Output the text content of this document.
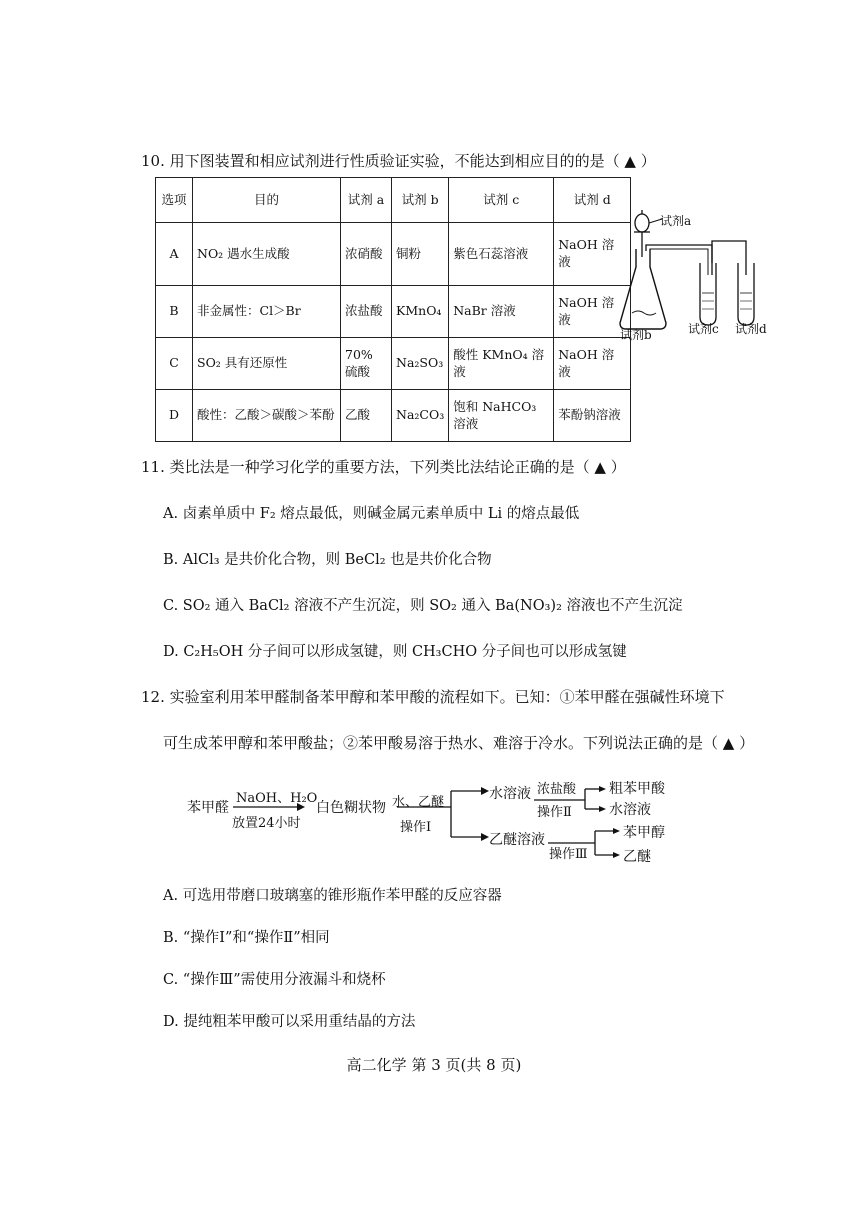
10. 用下图装置和相应试剂进行性质验证实验，不能达到相应目的的是（ ▲ ）
选项	目的	试剂 a	试剂 b	试剂 c	试剂 d
A	NO₂ 遇水生成酸	浓硝酸	铜粉	紫色石蕊溶液	NaOH 溶液
B	非金属性：Cl＞Br	浓盐酸	KMnO₄	NaBr 溶液	NaOH 溶液
C	SO₂ 具有还原性	70% 硫酸	Na₂SO₃	酸性 KMnO₄ 溶液	NaOH 溶液
D	酸性：乙酸＞碳酸＞苯酚	乙酸	Na₂CO₃	饱和 NaHCO₃ 溶液	苯酚钠溶液
试剂a
试剂b	试剂c 试剂d
11. 类比法是一种学习化学的重要方法，下列类比法结论正确的是（ ▲ ）
A. 卤素单质中 F₂ 熔点最低，则碱金属元素单质中 Li 的熔点最低
B. AlCl₃ 是共价化合物，则 BeCl₂ 也是共价化合物
C. SO₂ 通入 BaCl₂ 溶液不产生沉淀，则 SO₂ 通入 Ba(NO₃)₂ 溶液也不产生沉淀
D. C₂H₅OH 分子间可以形成氢键，则 CH₃CHO 分子间也可以形成氢键
12. 实验室利用苯甲醛制备苯甲醇和苯甲酸的流程如下。已知：①苯甲醛在强碱性环境下
可生成苯甲醇和苯甲酸盐；②苯甲酸易溶于热水、难溶于冷水。下列说法正确的是（ ▲ ）
苯甲醛
NaOH、H₂O
放置24小时
白色糊状物 水、乙醚
操作Ⅰ
水溶液 浓盐酸
操作Ⅱ
粗苯甲酸
水溶液
乙醚溶液
操作Ⅲ
苯甲醇
乙醚
A. 可选用带磨口玻璃塞的锥形瓶作苯甲醛的反应容器
B. “操作Ⅰ”和“操作Ⅱ”相同
C. “操作Ⅲ”需使用分液漏斗和烧杯
D. 提纯粗苯甲酸可以采用重结晶的方法
高二化学 第 3 页(共 8 页)
